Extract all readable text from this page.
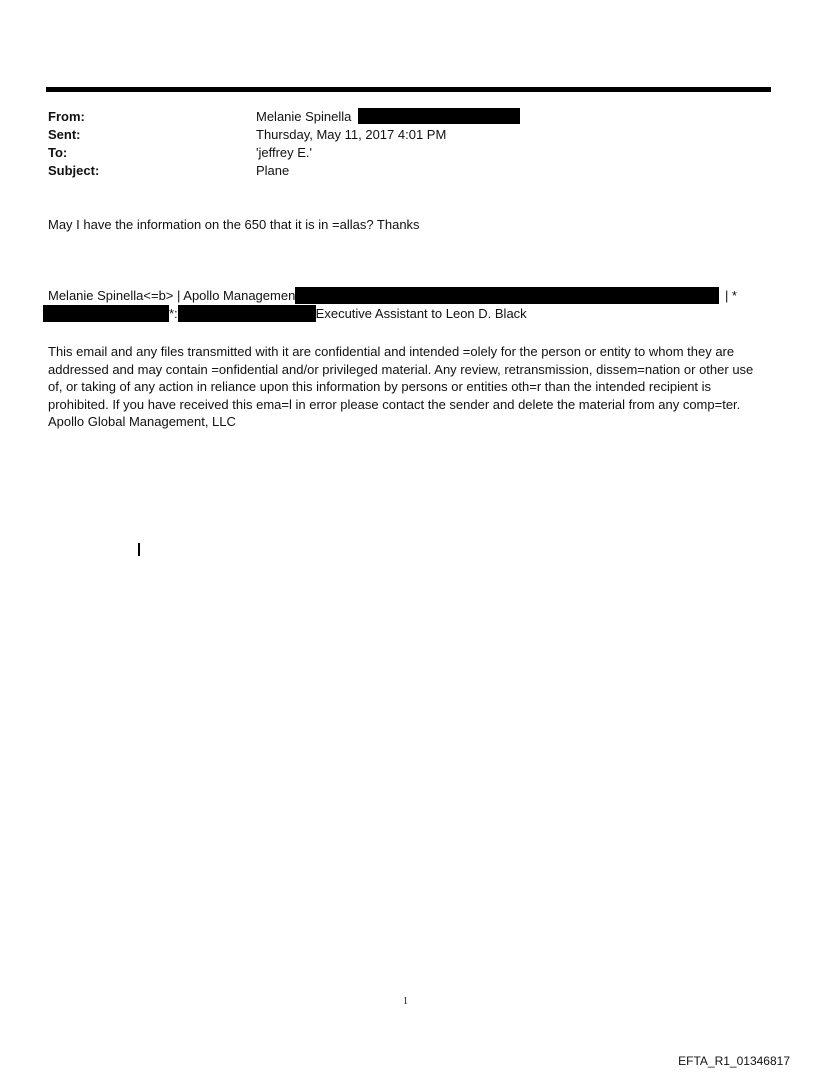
From:	Melanie Spinella
Sent:	Thursday, May 11, 2017 4:01 PM
To:	'jeffrey E.'
Subject:	Plane
May I have the information on the 650 that it is in =allas? Thanks
Melanie Spinella<=b> | Apollo Managemen	| *
*:	Executive Assistant to Leon D. Black
This email and any files transmitted with it are confidential and intended =olely for the person or entity to whom they are addressed and may contain =onfidential and/or privileged material. Any review, retransmission, dissem=nation or other use of, or taking of any action in reliance upon this information by persons or entities oth=r than the intended recipient is prohibited. If you have received this ema=l in error please contact the sender and delete the material from any comp=ter. Apollo Global Management, LLC
1
EFTA_R1_01346817
